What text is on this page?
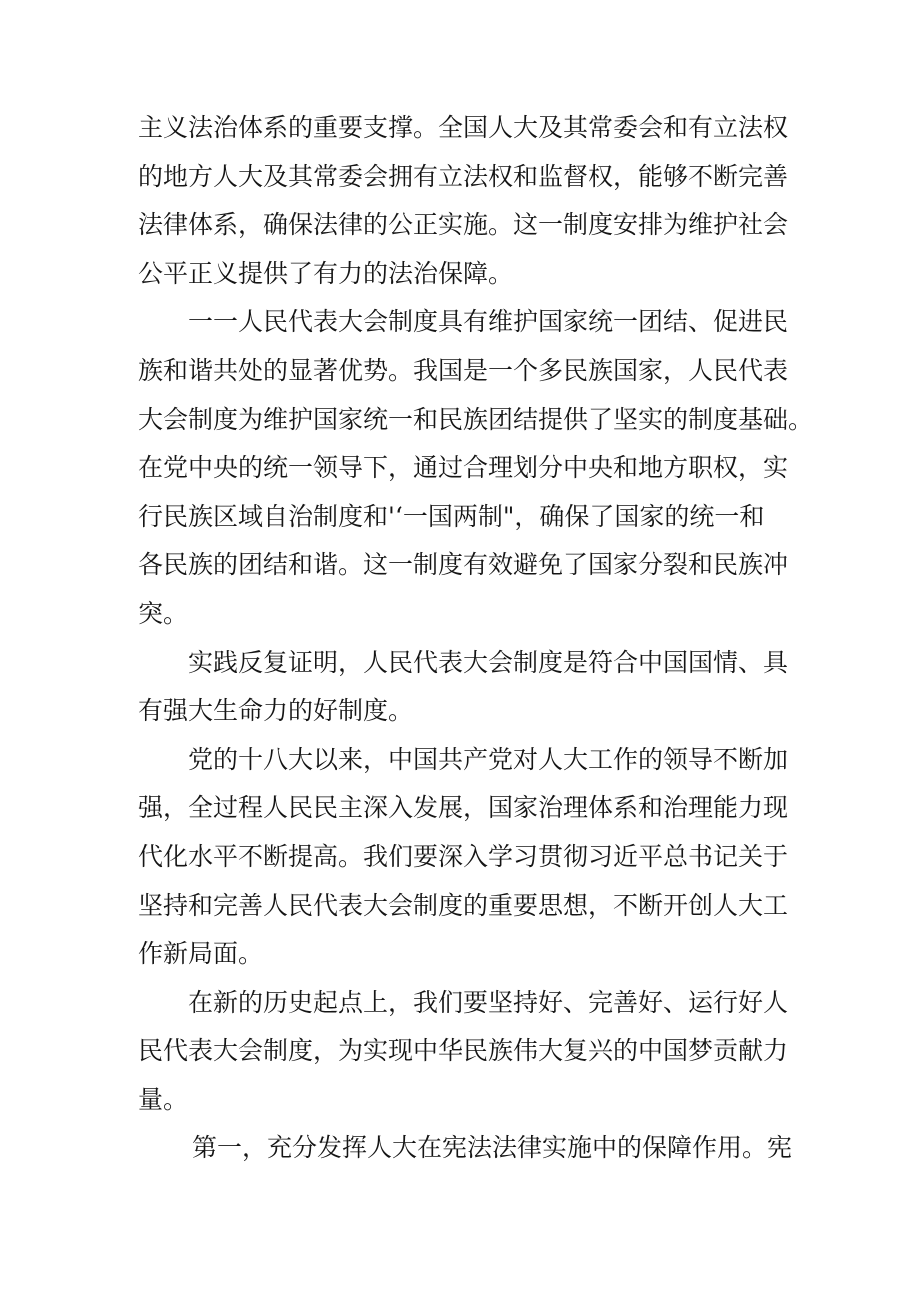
主义法治体系的重要支撑。全国人大及其常委会和有立法权
的地方人大及其常委会拥有立法权和监督权，能够不断完善
法律体系，确保法律的公正实施。这一制度安排为维护社会
公平正义提供了有力的法治保障。
一一人民代表大会制度具有维护国家统一团结、促进民
族和谐共处的显著优势。我国是一个多民族国家，人民代表
大会制度为维护国家统一和民族团结提供了坚实的制度基础。
在党中央的统一领导下，通过合理划分中央和地方职权，实
行民族区域自治制度和'‘一国两制"，确保了国家的统一和
各民族的团结和谐。这一制度有效避免了国家分裂和民族冲
突。
实践反复证明，人民代表大会制度是符合中国国情、具
有强大生命力的好制度。
党的十八大以来，中国共产党对人大工作的领导不断加
强，全过程人民民主深入发展，国家治理体系和治理能力现
代化水平不断提高。我们要深入学习贯彻习近平总书记关于
坚持和完善人民代表大会制度的重要思想，不断开创人大工
作新局面。
在新的历史起点上，我们要坚持好、完善好、运行好人
民代表大会制度，为实现中华民族伟大复兴的中国梦贡献力
量。
第一，充分发挥人大在宪法法律实施中的保障作用。宪
